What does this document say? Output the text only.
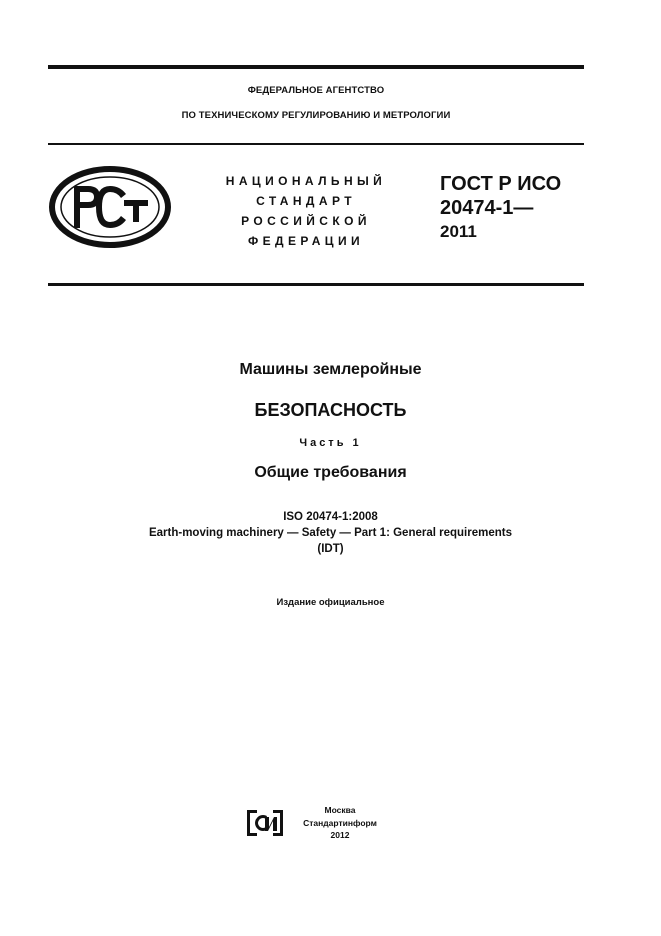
ФЕДЕРАЛЬНОЕ АГЕНТСТВО
ПО ТЕХНИЧЕСКОМУ РЕГУЛИРОВАНИЮ И МЕТРОЛОГИИ
НАЦИОНАЛЬНЫЙ
СТАНДАРТ
РОССИЙСКОЙ
ФЕДЕРАЦИИ
ГОСТ Р ИСО
20474-1—
2011
Машины землеройные
БЕЗОПАСНОСТЬ
Часть 1
Общие требования
ISO 20474-1:2008
Earth-moving machinery — Safety — Part 1: General requirements
(IDT)
Издание официальное
Москва
Стандартинформ
2012
